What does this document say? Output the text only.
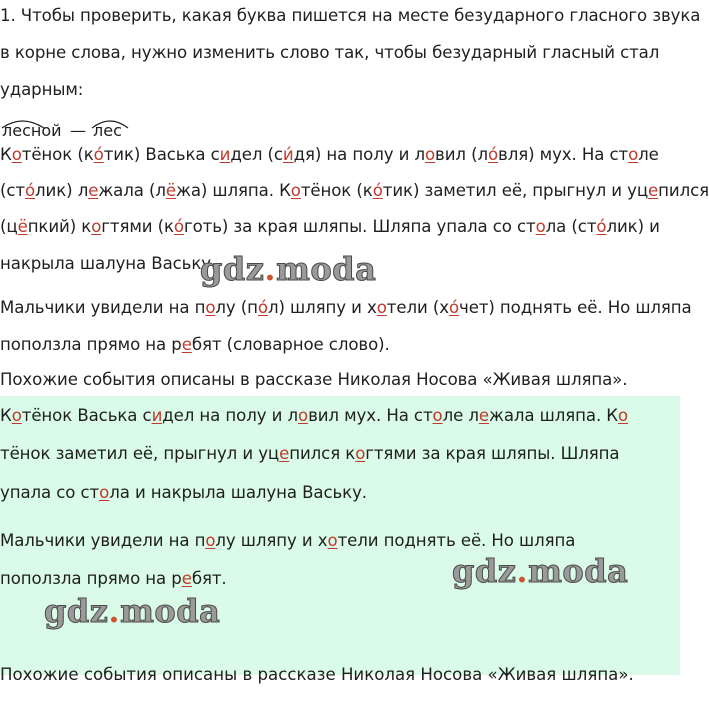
1. Чтобы проверить, какая буква пишется на месте безударного гласного звука
в корне слова, нужно изменить слово так, чтобы безударный гласный стал
ударным:
лесной — лес
Котёнок (ко́тик) Васька сидел (си́дя) на полу и ловил (ло́вля) мух. На столе
(сто́лик) лежала (лёжа) шляпа. Котёнок (ко́тик) заметил её, прыгнул и уцепился
(цёпкий) когтями (ко́готь) за края шляпы. Шляпа упала со стола (сто́лик) и
накрыла шалуна Ваську.
Мальчики увидели на полу (по́л) шляпу и хотели (хо́чет) поднять её. Но шляпа
поползла прямо на ребят (словарное слово).
Похожие события описаны в рассказе Николая Носова «Живая шляпа».
Котёнок Васька сидел на полу и ловил мух. На столе лежала шляпа. Ко
тёнок заметил её, прыгнул и уцепился когтями за края шляпы. Шляпа
упала со стола и накрыла шалуна Ваську.
Мальчики увидели на полу шляпу и хотели поднять её. Но шляпа
поползла прямо на ребят.
Похожие события описаны в рассказе Николая Носова «Живая шляпа».
gdz.moda
gdz.moda
gdz.moda
